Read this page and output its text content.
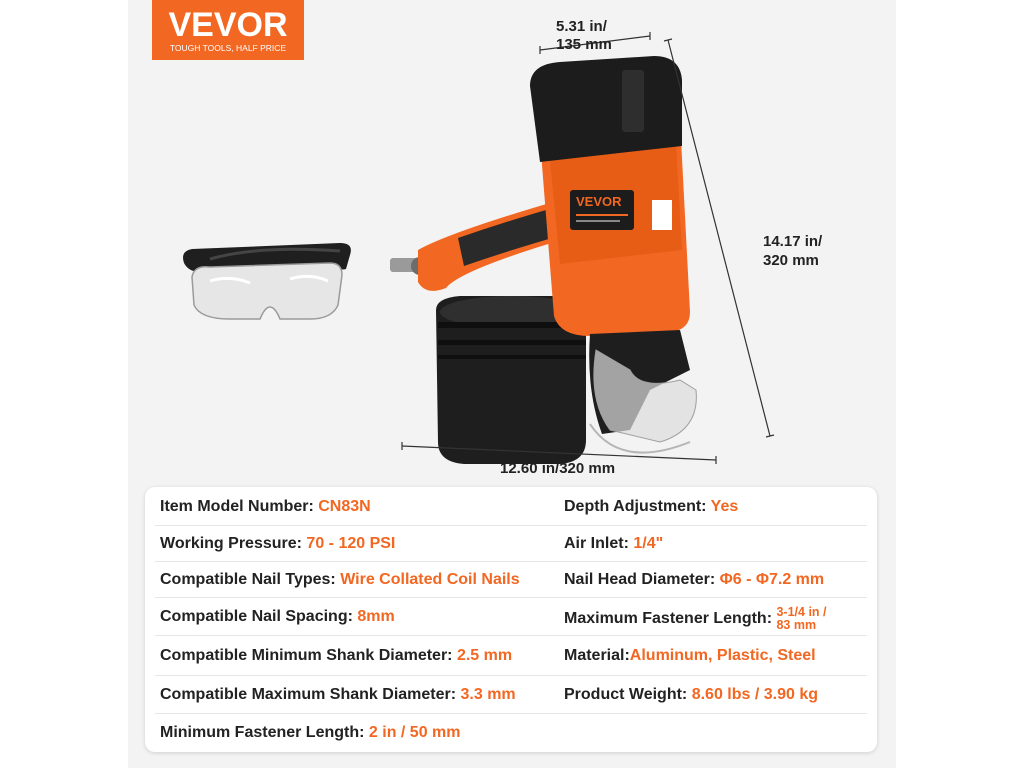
VEVOR
TOUGH TOOLS, HALF PRICE
VEVOR
5.31 in/
135 mm
14.17 in/
320 mm
12.60 in/320 mm
Item Model Number: CN83N
Working Pressure: 70 - 120 PSI
Compatible Nail Types: Wire Collated Coil Nails
Compatible Nail Spacing: 8mm
Compatible Minimum Shank Diameter: 2.5 mm
Compatible Maximum Shank Diameter: 3.3 mm
Minimum Fastener Length: 2 in / 50 mm
Depth Adjustment: Yes
Air Inlet: 1/4"
Nail Head Diameter: Φ6 - Φ7.2 mm
Maximum Fastener Length: 3-1/4 in /
83 mm
Material:Aluminum, Plastic, Steel
Product Weight: 8.60 lbs / 3.90 kg
